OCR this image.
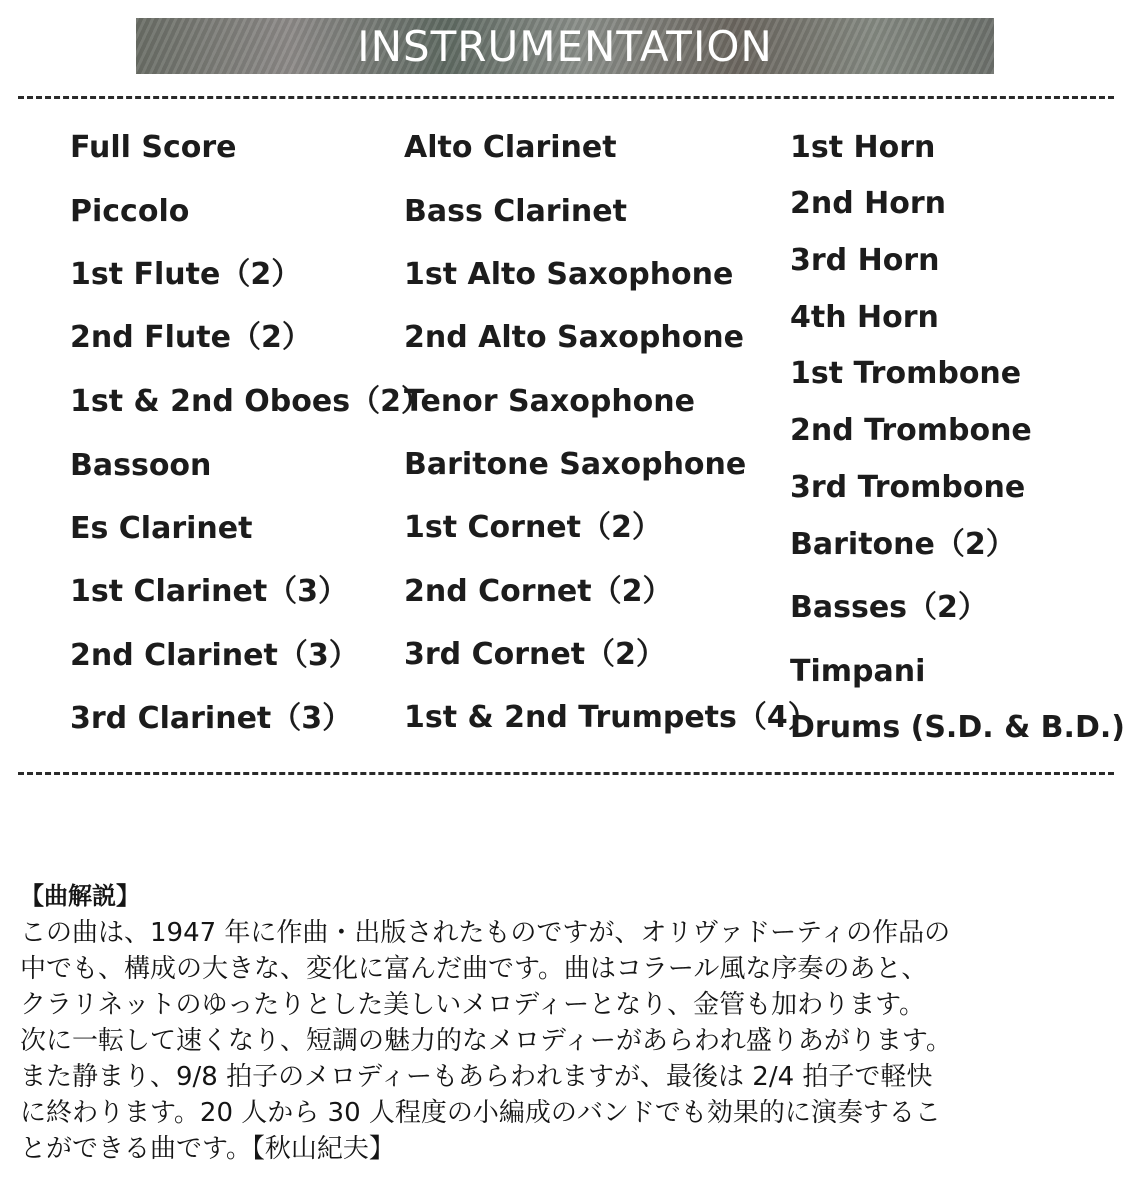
INSTRUMENTATION
Full Score
Piccolo
1st Flute（2）
2nd Flute（2）
1st & 2nd Oboes（2）
Bassoon
Es Clarinet
1st Clarinet（3）
2nd Clarinet（3）
3rd Clarinet（3）
Alto Clarinet
Bass Clarinet
1st Alto Saxophone
2nd Alto Saxophone
Tenor Saxophone
Baritone Saxophone
1st Cornet（2）
2nd Cornet（2）
3rd Cornet（2）
1st & 2nd Trumpets（4）
1st Horn
2nd Horn
3rd Horn
4th Horn
1st Trombone
2nd Trombone
3rd Trombone
Baritone（2）
Basses（2）
Timpani
Drums (S.D. & B.D.)
【曲解説】

この曲は、1947 年に作曲・出版されたものですが、オリヴァドーティの作品の
中でも、構成の大きな、変化に富んだ曲です。曲はコラール風な序奏のあと、
クラリネットのゆったりとした美しいメロディーとなり、金管も加わります。
次に一転して速くなり、短調の魅力的なメロディーがあらわれ盛りあがります。
また静まり、9/8 拍子のメロディーもあらわれますが、最後は 2/4 拍子で軽快
に終わります。20 人から 30 人程度の小編成のバンドでも効果的に演奏するこ
とができる曲です。【秋山紀夫】
